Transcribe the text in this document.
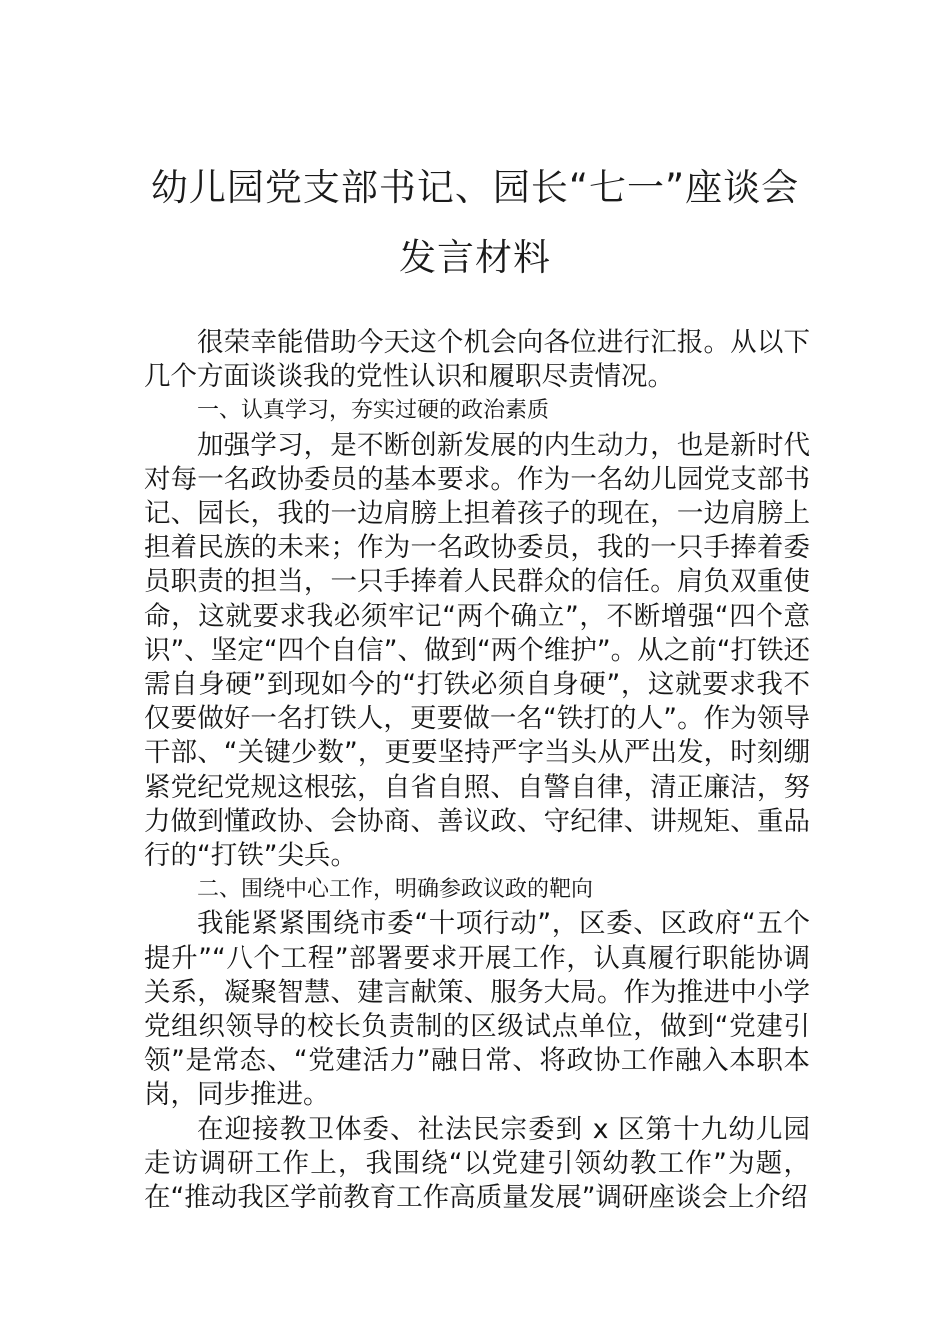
幼儿园党支部书记、园长“七一”座谈会
发言材料

很荣幸能借助今天这个机会向各位进行汇报。从以下几个方面谈谈我的党性认识和履职尽责情况。

一、认真学习，夯实过硬的政治素质

加强学习，是不断创新发展的内生动力，也是新时代对每一名政协委员的基本要求。作为一名幼儿园党支部书记、园长，我的一边肩膀上担着孩子的现在，一边肩膀上担着民族的未来；作为一名政协委员，我的一只手捧着委员职责的担当，一只手捧着人民群众的信任。肩负双重使命，这就要求我必须牢记“两个确立”，不断增强“四个意识”、坚定“四个自信”、做到“两个维护”。从之前“打铁还需自身硬”到现如今的“打铁必须自身硬”，这就要求我不仅要做好一名打铁人，更要做一名“铁打的人”。作为领导干部、“关键少数”，更要坚持严字当头从严出发，时刻绷紧党纪党规这根弦，自省自照、自警自律，清正廉洁，努力做到懂政协、会协商、善议政、守纪律、讲规矩、重品行的“打铁”尖兵。

二、围绕中心工作，明确参政议政的靶向

我能紧紧围绕市委“十项行动”，区委、区政府“五个提升”“八个工程”部署要求开展工作，认真履行职能协调关系，凝聚智慧、建言献策、服务大局。作为推进中小学党组织领导的校长负责制的区级试点单位，做到“党建引领”是常态、“党建活力”融日常、将政协工作融入本职本岗，同步推进。

在迎接教卫体委、社法民宗委到 x 区第十九幼儿园走访调研工作上，我围绕“以党建引领幼教工作”为题，在“推动我区学前教育工作高质量发展”调研座谈会上介绍
